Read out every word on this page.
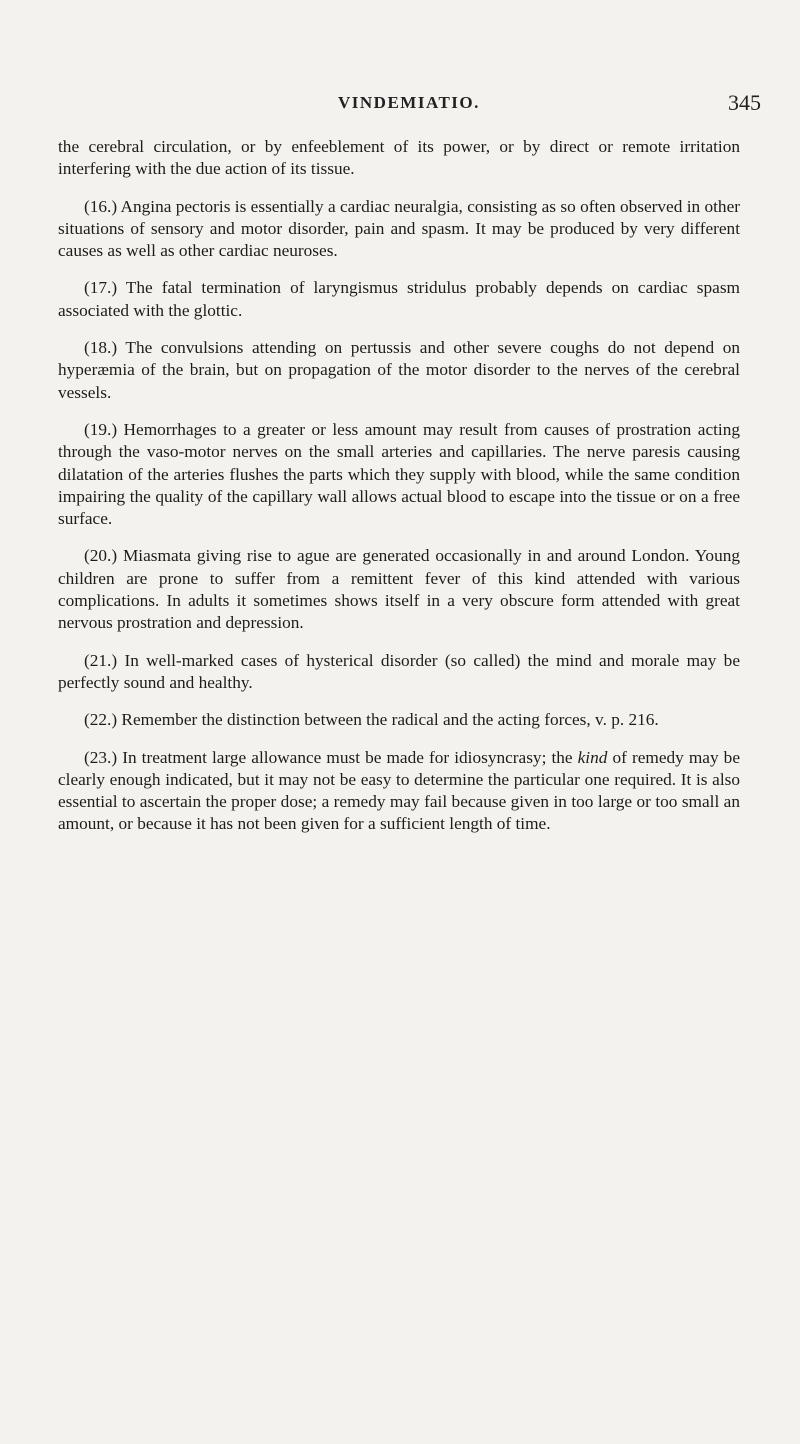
VINDEMIATIO.	345

the cerebral circulation, or by enfeeblement of its power, or by direct or remote irritation interfering with the due action of its tissue.

(16.) Angina pectoris is essentially a cardiac neuralgia, consisting as so often observed in other situations of sensory and motor disorder, pain and spasm. It may be produced by very different causes as well as other cardiac neuroses.

(17.) The fatal termination of laryngismus stridulus probably depends on cardiac spasm associated with the glottic.

(18.) The convulsions attending on pertussis and other severe coughs do not depend on hyperæmia of the brain, but on propagation of the motor disorder to the nerves of the cerebral vessels.

(19.) Hemorrhages to a greater or less amount may result from causes of prostration acting through the vaso-motor nerves on the small arteries and capillaries. The nerve paresis causing dilatation of the arteries flushes the parts which they supply with blood, while the same condition impairing the quality of the capillary wall allows actual blood to escape into the tissue or on a free surface.

(20.) Miasmata giving rise to ague are generated occasionally in and around London. Young children are prone to suffer from a remittent fever of this kind attended with various complications. In adults it sometimes shows itself in a very obscure form attended with great nervous prostration and depression.

(21.) In well-marked cases of hysterical disorder (so called) the mind and morale may be perfectly sound and healthy.

(22.) Remember the distinction between the radical and the acting forces, v. p. 216.

(23.) In treatment large allowance must be made for idiosyncrasy; the kind of remedy may be clearly enough indicated, but it may not be easy to determine the particular one required. It is also essential to ascertain the proper dose; a remedy may fail because given in too large or too small an amount, or because it has not been given for a sufficient length of time.
